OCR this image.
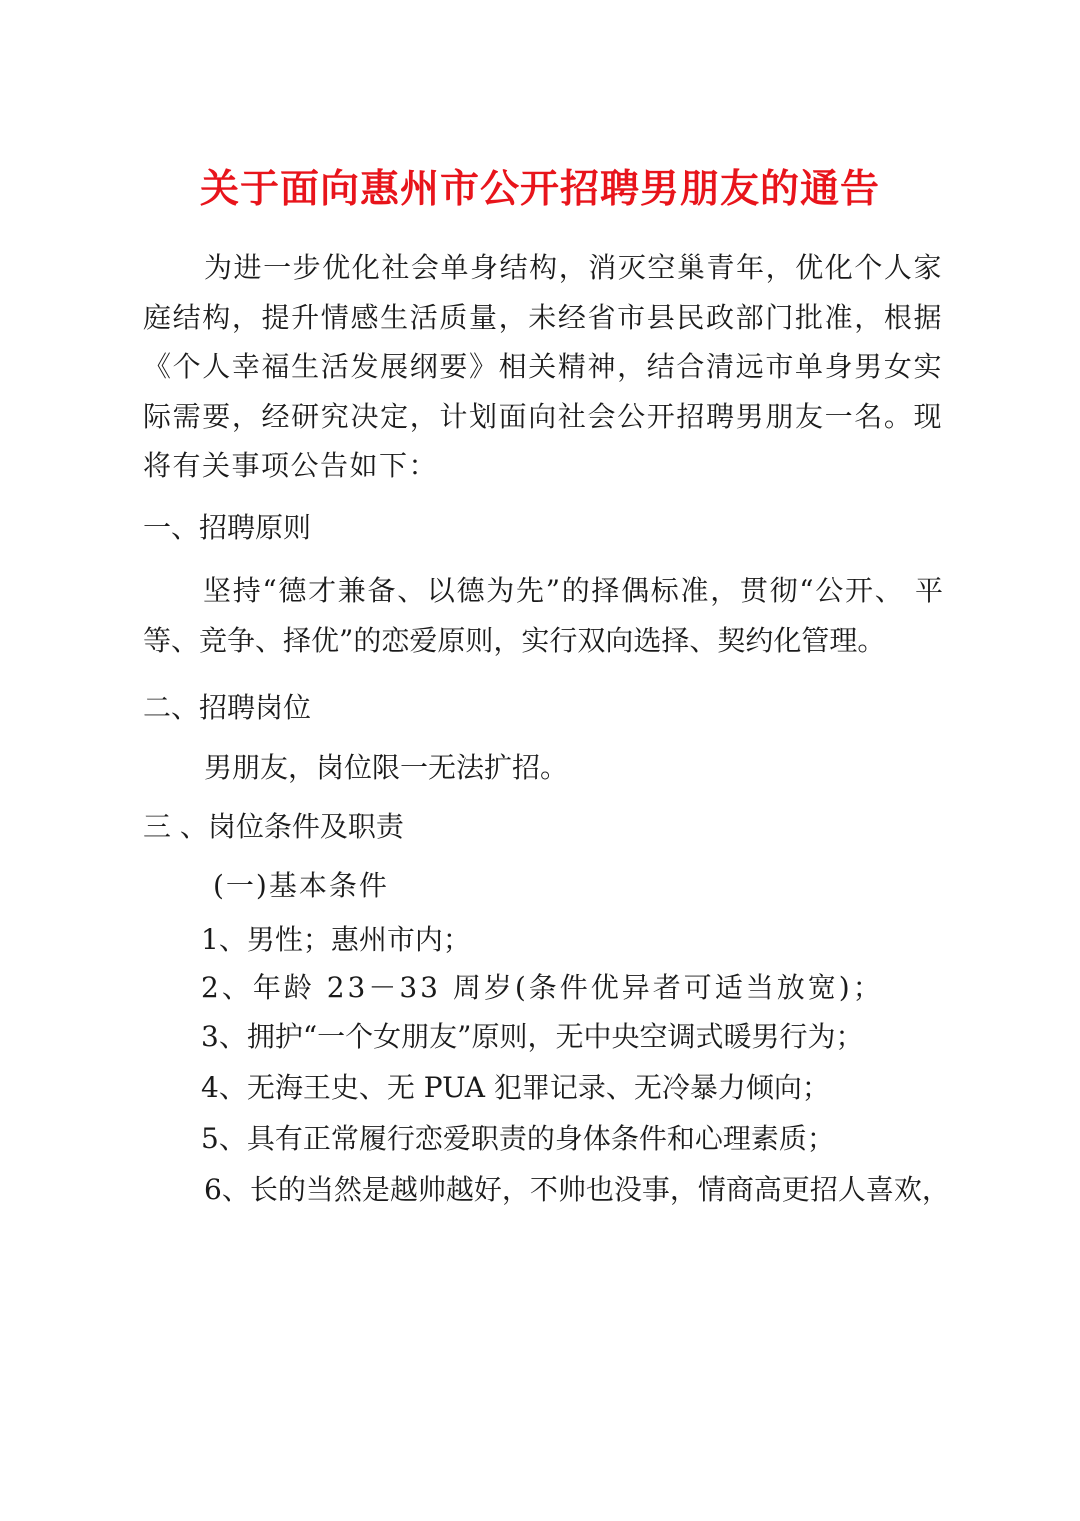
关于面向惠州市公开招聘男朋友的通告

为进一步优化社会单身结构，消灭空巢青年，优化个人家庭结构，提升情感生活质量，未经省市县民政部门批准，根据《个人幸福生活发展纲要》相关精神，结合清远市单身男女实际需要，经研究决定，计划面向社会公开招聘男朋友一名。现将有关事项公告如下：

一、招聘原则

坚持“德才兼备、以德为先”的择偶标准，贯彻“公开、 平等、竞争、择优”的恋爱原则，实行双向选择、契约化管理。

二、招聘岗位

男朋友，岗位限一无法扩招。

三 、岗位条件及职责

(一)基本条件

1、男性；惠州市内；

2、年龄 23－33 周岁(条件优异者可适当放宽)；

3、拥护“一个女朋友”原则，无中央空调式暖男行为；

4、无海王史、无 PUA 犯罪记录、无冷暴力倾向；

5、具有正常履行恋爱职责的身体条件和心理素质；

6、长的当然是越帅越好，不帅也没事，情商高更招人喜欢，
